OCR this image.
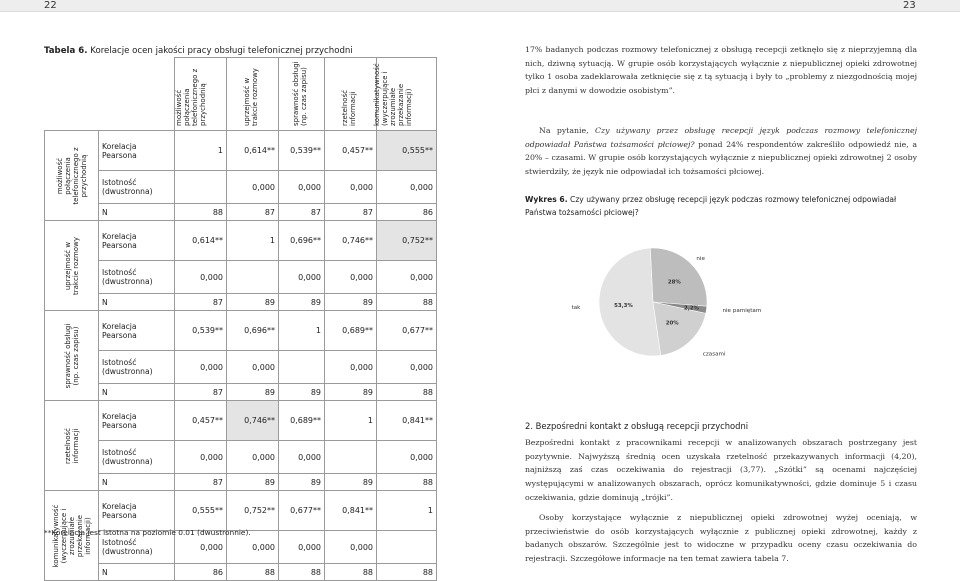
22	23
Tabela 6. Korelacje ocen jakości pracy obsługi telefonicznej przychodni

		możliwość połączenia telefonicznego z przychodnią	uprzejmość w trakcie rozmowy	sprawność obsługi (np. czas zapisu)	rzetelność informacji	komunikatywność (wyczerpujące i zrozumiałe przekazanie informacji)

możliwość połączenia telefonicznego z przychodnią	Korelacja Pearsona	1	0,614**	0,539**	0,457**	0,555**
	Istotność (dwustronna)		0,000	0,000	0,000	0,000
	N	88	87	87	87	86

uprzejmość w trakcie rozmowy	Korelacja Pearsona	0,614**	1	0,696**	0,746**	0,752**
	Istotność (dwustronna)	0,000		0,000	0,000	0,000
	N	87	89	89	89	88

sprawność obsługi (np. czas zapisu)	Korelacja Pearsona	0,539**	0,696**	1	0,689**	0,677**
	Istotność (dwustronna)	0,000	0,000		0,000	0,000
	N	87	89	89	89	88

rzetelność informacji	Korelacja Pearsona	0,457**	0,746**	0,689**	1	0,841**
	Istotność (dwustronna)	0,000	0,000	0,000		0,000
	N	87	89	89	89	88

komunikatywność (wyczerpujące i zrozumiałe przekazanie informacji)	Korelacja Pearsona	0,555**	0,752**	0,677**	0,841**	1
	Istotność (dwustronna)	0,000	0,000	0,000	0,000	
	N	86	88	88	88	88
**Korelacja jest istotna na poziomie 0.01 (dwustronnie).

17% badanych podczas rozmowy telefonicznej z obsługą recepcji zetknęło się z nieprzyjemną dla nich, dziwną sytuacją. W grupie osób korzystających wyłącznie z niepublicznej opieki zdrowotnej tylko 1 osoba zadeklarowała zetknięcie się z tą sytuacją i były to „problemy z niezgodnością mojej płci z danymi w dowodzie osobistym”.

Na pytanie, Czy używany przez obsługę recepcji język podczas rozmowy telefonicznej odpowiadał Państwa tożsamości płciowej? ponad 24% respondentów zakreśliło odpowiedź nie, a 20% – czasami. W grupie osób korzystających wyłącznie z niepublicznej opieki zdrowotnej 2 osoby stwierdziły, że język nie odpowiadał ich tożsamości płciowej.

Wykres 6. Czy używany przez obsługę recepcji język podczas rozmowy telefonicznej odpowiadał Państwa tożsamości płciowej?
53,3%
28%
2,2%
20%
tak
nie
nie pamiętam
czasami
2. Bezpośredni kontakt z obsługą recepcji przychodni

Bezpośredni kontakt z pracownikami recepcji w analizowanych obszarach postrzegany jest pozytywnie. Najwyższą średnią ocen uzyskała rzetelność przekazywanych informacji (4,20), najniższą zaś czas oczekiwania do rejestracji (3,77). „Szótki” są ocenami najczęściej występującymi w analizowanych obszarach, oprócz komunikatywności, gdzie dominuje 5 i czasu oczekiwania, gdzie dominują „trójki”.

Osoby korzystające wyłącznie z niepublicznej opieki zdrowotnej wyżej oceniają, w przeciwieństwie do osób korzystających wyłącznie z publicznej opieki zdrowotnej, każdy z badanych obszarów. Szczególnie jest to widoczne w przypadku oceny czasu oczekiwania do rejestracji. Szczegółowe informacje na ten temat zawiera tabela 7.
